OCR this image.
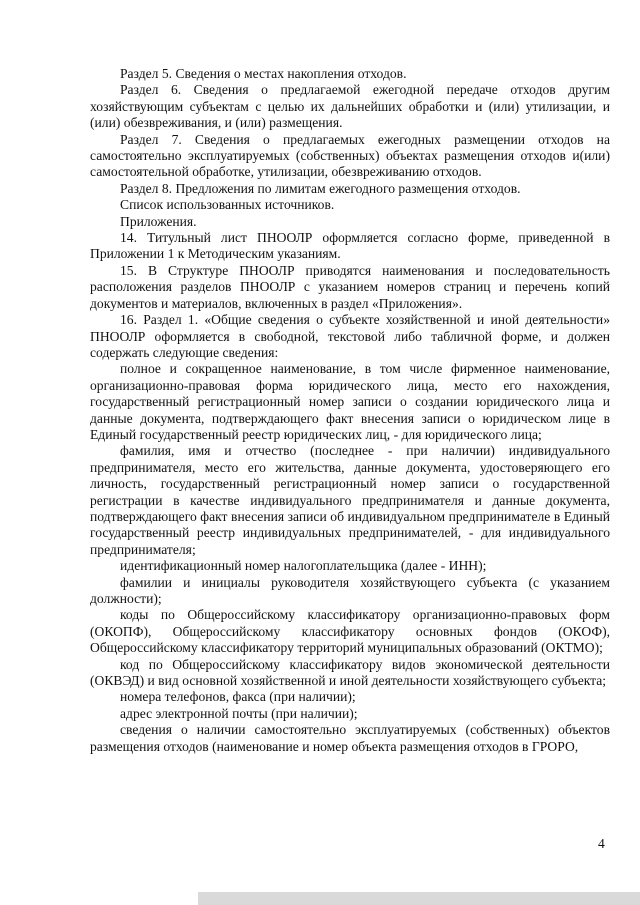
Раздел 5. Сведения о местах накопления отходов.

Раздел 6. Сведения о предлагаемой ежегодной передаче отходов другим хозяйствующим субъектам с целью их дальнейших обработки и (или) утилизации, и (или) обезвреживания, и (или) размещения.

Раздел 7. Сведения о предлагаемых ежегодных размещении отходов на самостоятельно эксплуатируемых (собственных) объектах размещения отходов и(или) самостоятельной обработке, утилизации, обезвреживанию отходов.

Раздел 8. Предложения по лимитам ежегодного размещения отходов.

Список использованных источников.

Приложения.

14. Титульный лист ПНООЛР оформляется согласно форме, приведенной в Приложении 1 к Методическим указаниям.

15. В Структуре ПНООЛР приводятся наименования и последовательность расположения разделов ПНООЛР с указанием номеров страниц и перечень копий документов и материалов, включенных в раздел «Приложения».

16. Раздел 1. «Общие сведения о субъекте хозяйственной и иной деятельности» ПНООЛР оформляется в свободной, текстовой либо табличной форме, и должен содержать следующие сведения:

полное и сокращенное наименование, в том числе фирменное наименование, организационно-правовая форма юридического лица, место его нахождения, государственный регистрационный номер записи о создании юридического лица и данные документа, подтверждающего факт внесения записи о юридическом лице в Единый государственный реестр юридических лиц, - для юридического лица;

фамилия, имя и отчество (последнее - при наличии) индивидуального предпринимателя, место его жительства, данные документа, удостоверяющего его личность, государственный регистрационный номер записи о государственной регистрации в качестве индивидуального предпринимателя и данные документа, подтверждающего факт внесения записи об индивидуальном предпринимателе в Единый государственный реестр индивидуальных предпринимателей, - для индивидуального предпринимателя;

идентификационный номер налогоплательщика (далее - ИНН);

фамилии и инициалы руководителя хозяйствующего субъекта (с указанием должности);

коды по Общероссийскому классификатору организационно-правовых форм (ОКОПФ), Общероссийскому классификатору основных фондов (ОКОФ), Общероссийскому классификатору территорий муниципальных образований (ОКТМО);

код по Общероссийскому классификатору видов экономической деятельности (ОКВЭД) и вид основной хозяйственной и иной деятельности хозяйствующего субъекта;

номера телефонов, факса (при наличии);

адрес электронной почты (при наличии);

сведения о наличии самостоятельно эксплуатируемых (собственных) объектов размещения отходов (наименование и номер объекта размещения отходов в ГРОРО,

4
